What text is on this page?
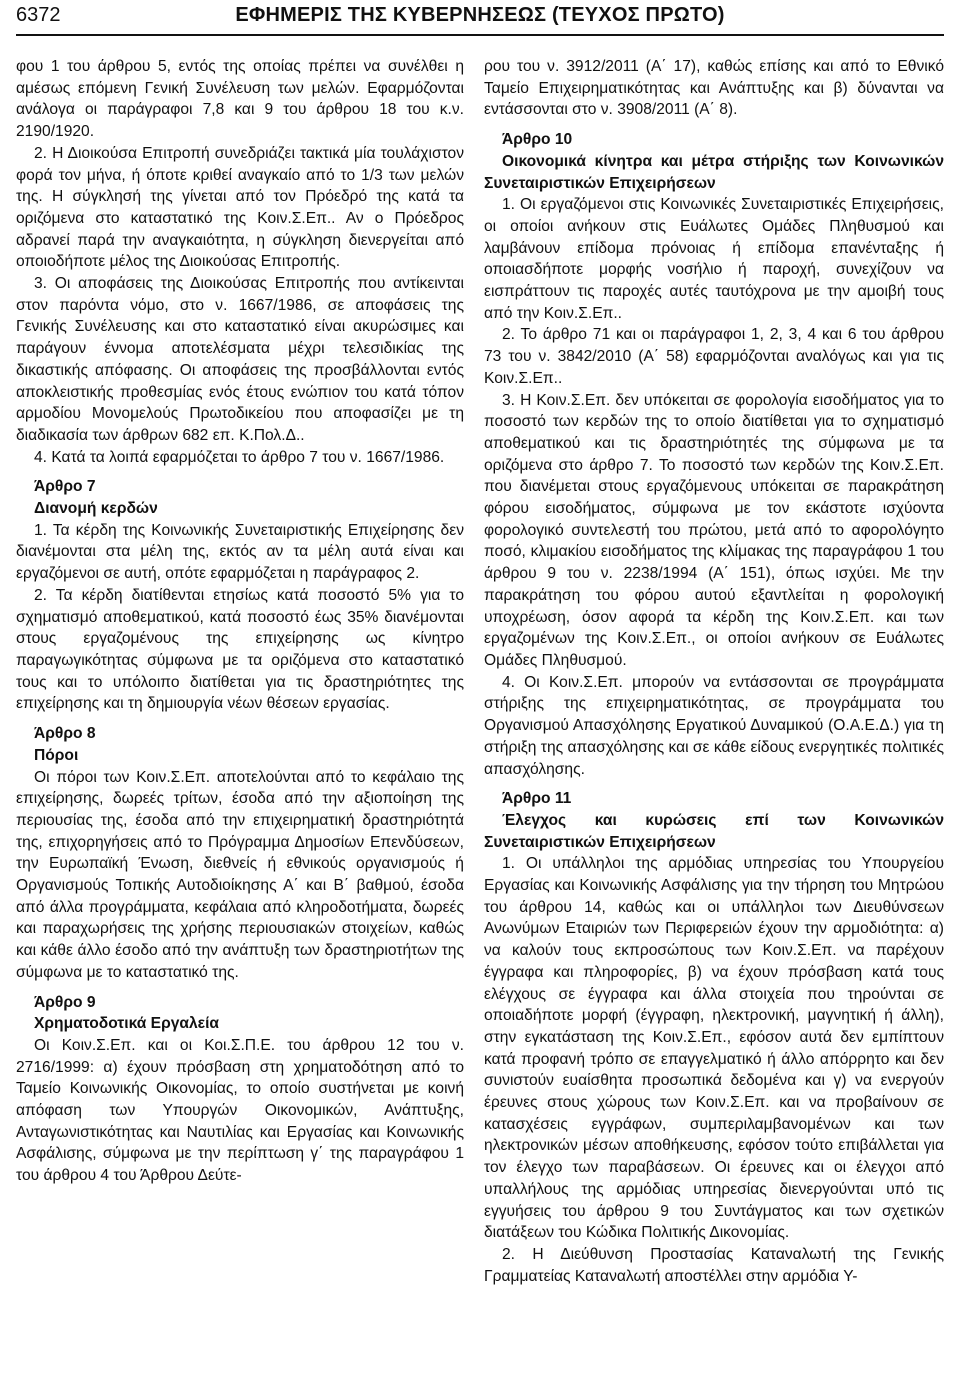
6372	ΕΦΗΜΕΡΙΣ ΤΗΣ ΚΥΒΕΡΝΗΣΕΩΣ (ΤΕΥΧΟΣ ΠΡΩΤΟ)

φου 1 του άρθρου 5, εντός της οποίας πρέπει να συνέλθει η αμέσως επόμενη Γενική Συνέλευση των μελών. Εφαρμόζονται ανάλογα οι παράγραφοι 7,8 και 9 του άρθρου 18 του κ.ν. 2190/1920.

2. Η Διοικούσα Επιτροπή συνεδριάζει τακτικά μία τουλάχιστον φορά τον μήνα, ή όποτε κριθεί αναγκαίο από το 1/3 των μελών της. Η σύγκλησή της γίνεται από τον Πρόεδρό της κατά τα οριζόμενα στο καταστατικό της Κοιν.Σ.Επ.. Αν ο Πρόεδρος αδρανεί παρά την αναγκαιότητα, η σύγκληση διενεργείται από οποιοδήποτε μέλος της Διοικούσας Επιτροπής.

3. Οι αποφάσεις της Διοικούσας Επιτροπής που αντίκεινται στον παρόντα νόμο, στο ν. 1667/1986, σε αποφάσεις της Γενικής Συνέλευσης και στο καταστατικό είναι ακυρώσιμες και παράγουν έννομα αποτελέσματα μέχρι τελεσιδικίας της δικαστικής απόφασης. Οι αποφάσεις της προσβάλλονται εντός αποκλειστικής προθεσμίας ενός έτους ενώπιον του κατά τόπον αρμοδίου Μονομελούς Πρωτοδικείου που αποφασίζει με τη διαδικασία των άρθρων 682 επ. Κ.Πολ.Δ..

4. Κατά τα λοιπά εφαρμόζεται το άρθρο 7 του ν. 1667/1986.

Άρθρο 7

Διανομή κερδών

1. Τα κέρδη της Κοινωνικής Συνεταιριστικής Επιχείρησης δεν διανέμονται στα μέλη της, εκτός αν τα μέλη αυτά είναι και εργαζόμενοι σε αυτή, οπότε εφαρμόζεται η παράγραφος 2.

2. Τα κέρδη διατίθενται ετησίως κατά ποσοστό 5% για το σχηματισμό αποθεματικού, κατά ποσοστό έως 35% διανέμονται στους εργαζομένους της επιχείρησης ως κίνητρο παραγωγικότητας σύμφωνα με τα οριζόμενα στο καταστατικό τους και το υπόλοιπο διατίθεται για τις δραστηριότητες της επιχείρησης και τη δημιουργία νέων θέσεων εργασίας.

Άρθρο 8

Πόροι

Οι πόροι των Κοιν.Σ.Επ. αποτελούνται από το κεφάλαιο της επιχείρησης, δωρεές τρίτων, έσοδα από την αξιοποίηση της περιουσίας της, έσοδα από την επιχειρηματική δραστηριότητά της, επιχορηγήσεις από το Πρόγραμμα Δημοσίων Επενδύσεων, την Ευρωπαϊκή Ένωση, διεθνείς ή εθνικούς οργανισμούς ή Οργανισμούς Τοπικής Αυτοδιοίκησης Α΄ και Β΄ βαθμού, έσοδα από άλλα προγράμματα, κεφάλαια από κληροδοτήματα, δωρεές και παραχωρήσεις της χρήσης περιουσιακών στοιχείων, καθώς και κάθε άλλο έσοδο από την ανάπτυξη των δραστηριοτήτων της σύμφωνα με το καταστατικό της.

Άρθρο 9

Χρηματοδοτικά Εργαλεία

Οι Κοιν.Σ.Επ. και οι Κοι.Σ.Π.Ε. του άρθρου 12 του ν. 2716/1999: α) έχουν πρόσβαση στη χρηματοδότηση από το Ταμείο Κοινωνικής Οικονομίας, το οποίο συστήνεται με κοινή απόφαση των Υπουργών Οικονομικών, Ανάπτυξης, Ανταγωνιστικότητας και Ναυτιλίας και Εργασίας και Κοινωνικής Ασφάλισης, σύμφωνα με την περίπτωση γ΄ της παραγράφου 1 του άρθρου 4 του Άρθρου Δεύτε-

ρου του ν. 3912/2011 (Α΄ 17), καθώς επίσης και από το Εθνικό Ταμείο Επιχειρηματικότητας και Ανάπτυξης και β) δύνανται να εντάσσονται στο ν. 3908/2011 (Α΄ 8).

Άρθρο 10

Οικονομικά κίνητρα και μέτρα στήριξης των Κοινωνικών Συνεταιριστικών Επιχειρήσεων

1. Οι εργαζόμενοι στις Κοινωνικές Συνεταιριστικές Επιχειρήσεις, οι οποίοι ανήκουν στις Ευάλωτες Ομάδες Πληθυσμού και λαμβάνουν επίδομα πρόνοιας ή επίδομα επανένταξης ή οποιασδήποτε μορφής νοσήλιο ή παροχή, συνεχίζουν να εισπράττουν τις παροχές αυτές ταυτόχρονα με την αμοιβή τους από την Κοιν.Σ.Επ..

2. Το άρθρο 71 και οι παράγραφοι 1, 2, 3, 4 και 6 του άρθρου 73 του ν. 3842/2010 (Α΄ 58) εφαρμόζονται αναλόγως και για τις Κοιν.Σ.Επ..

3. Η Κοιν.Σ.Επ. δεν υπόκειται σε φορολογία εισοδήματος για το ποσοστό των κερδών της το οποίο διατίθεται για το σχηματισμό αποθεματικού και τις δραστηριότητές της σύμφωνα με τα οριζόμενα στο άρθρο 7. Το ποσοστό των κερδών της Κοιν.Σ.Επ. που διανέμεται στους εργαζόμενους υπόκειται σε παρακράτηση φόρου εισοδήματος, σύμφωνα με τον εκάστοτε ισχύοντα φορολογικό συντελεστή του πρώτου, μετά από το αφορολόγητο ποσό, κλιμακίου εισοδήματος της κλίμακας της παραγράφου 1 του άρθρου 9 του ν. 2238/1994 (Α΄ 151), όπως ισχύει. Με την παρακράτηση του φόρου αυτού εξαντλείται η φορολογική υποχρέωση, όσον αφορά τα κέρδη της Κοιν.Σ.Επ. και των εργαζομένων της Κοιν.Σ.Επ., οι οποίοι ανήκουν σε Ευάλωτες Ομάδες Πληθυσμού.

4. Οι Κοιν.Σ.Επ. μπορούν να εντάσσονται σε προγράμματα στήριξης της επιχειρηματικότητας, σε προγράμματα του Οργανισμού Απασχόλησης Εργατικού Δυναμικού (Ο.Α.Ε.Δ.) για τη στήριξη της απασχόλησης και σε κάθε είδους ενεργητικές πολιτικές απασχόλησης.

Άρθρο 11

Έλεγχος και κυρώσεις επί των Κοινωνικών Συνεταιριστικών Επιχειρήσεων

1. Οι υπάλληλοι της αρμόδιας υπηρεσίας του Υπουργείου Εργασίας και Κοινωνικής Ασφάλισης για την τήρηση του Μητρώου του άρθρου 14, καθώς και οι υπάλληλοι των Διευθύνσεων Ανωνύμων Εταιριών των Περιφερειών έχουν την αρμοδιότητα: α) να καλούν τους εκπροσώπους των Κοιν.Σ.Επ. να παρέχουν έγγραφα και πληροφορίες, β) να έχουν πρόσβαση κατά τους ελέγχους σε έγγραφα και άλλα στοιχεία που τηρούνται σε οποιαδήποτε μορφή (έγγραφη, ηλεκτρονική, μαγνητική ή άλλη), στην εγκατάσταση της Κοιν.Σ.Επ., εφόσον αυτά δεν εμπίπτουν κατά προφανή τρόπο σε επαγγελματικό ή άλλο απόρρητο και δεν συνιστούν ευαίσθητα προσωπικά δεδομένα και γ) να ενεργούν έρευνες στους χώρους των Κοιν.Σ.Επ. και να προβαίνουν σε κατασχέσεις εγγράφων, συμπεριλαμβανομένων και των ηλεκτρονικών μέσων αποθήκευσης, εφόσον τούτο επιβάλλεται για τον έλεγχο των παραβάσεων. Οι έρευνες και οι έλεγχοι από υπαλλήλους της αρμόδιας υπηρεσίας διενεργούνται υπό τις εγγυήσεις του άρθρου 9 του Συντάγματος και των σχετικών διατάξεων του Κώδικα Πολιτικής Δικονομίας.

2. Η Διεύθυνση Προστασίας Καταναλωτή της Γενικής Γραμματείας Καταναλωτή αποστέλλει στην αρμόδια Υ-
